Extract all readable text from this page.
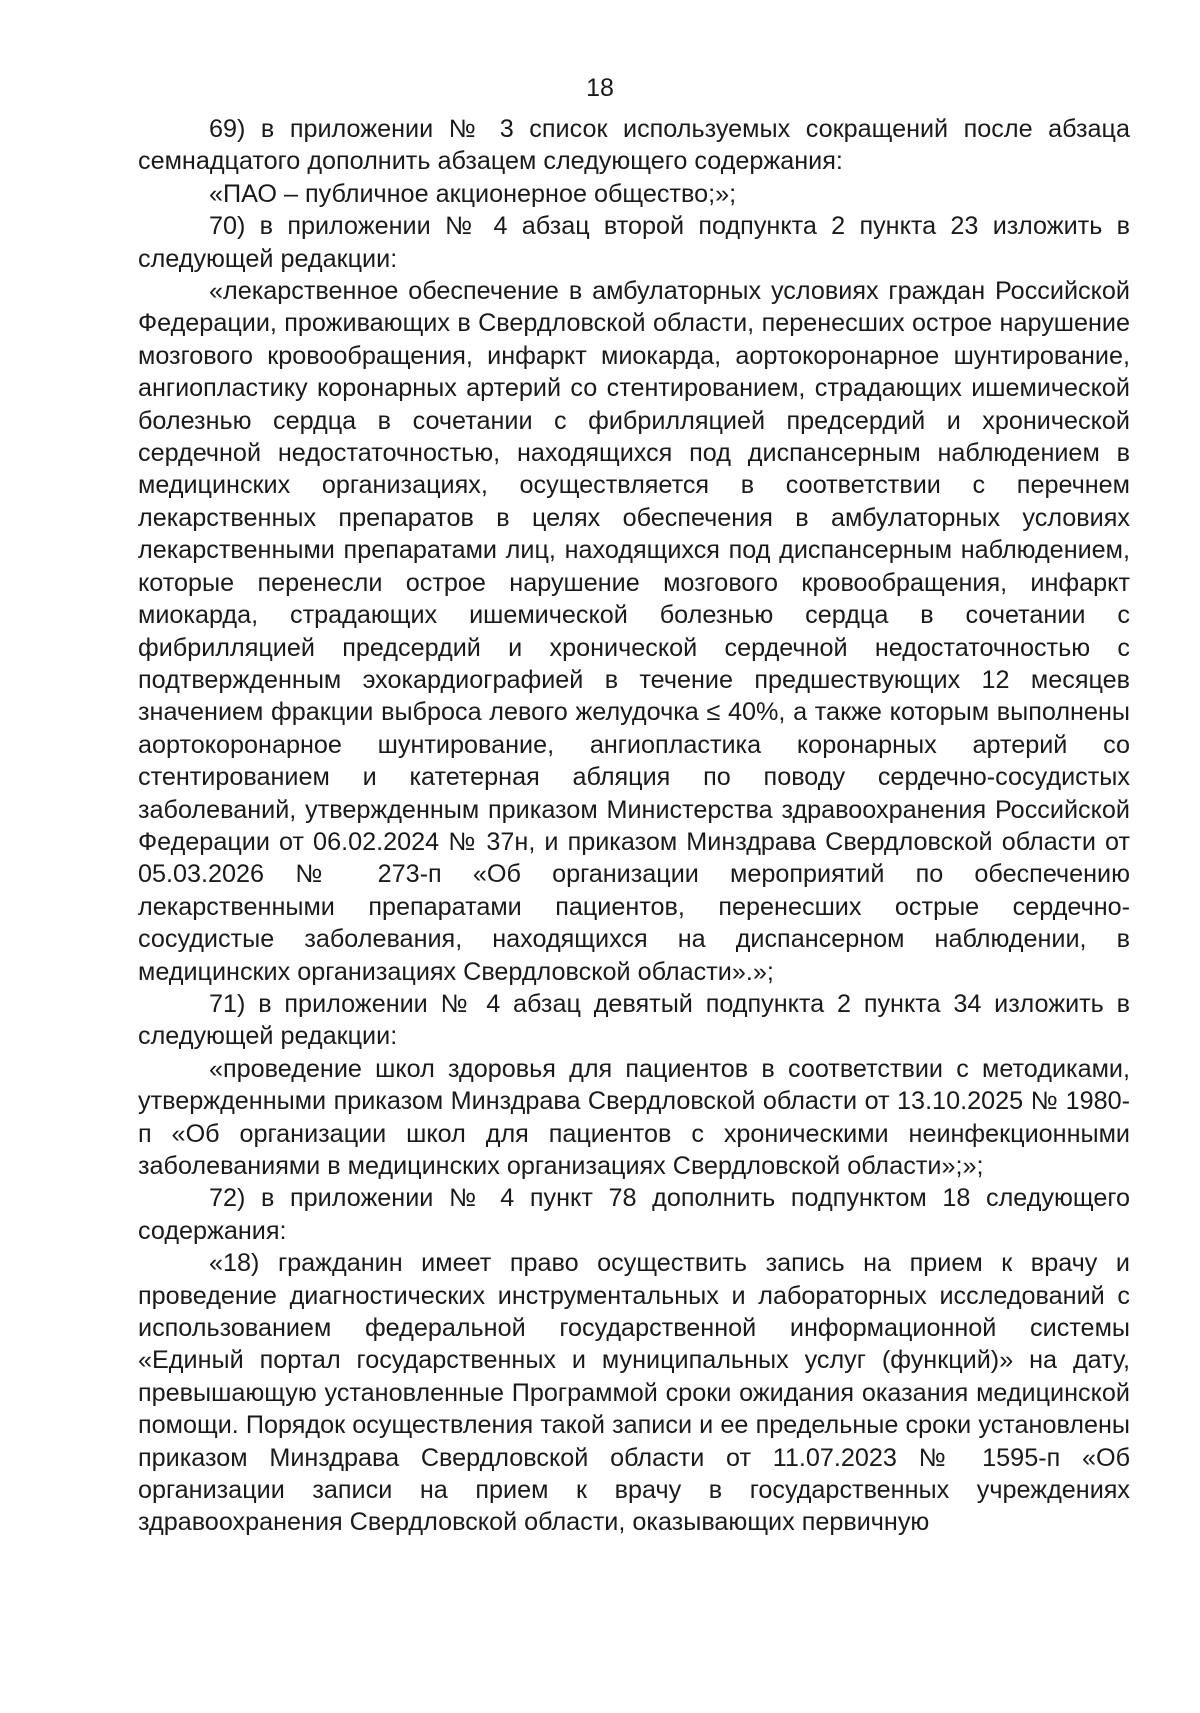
18

69) в приложении № 3 список используемых сокращений после абзаца семнадцатого дополнить абзацем следующего содержания:

«ПАО – публичное акционерное общество;»;

70) в приложении № 4 абзац второй подпункта 2 пункта 23 изложить в следующей редакции:

«лекарственное обеспечение в амбулаторных условиях граждан Российской Федерации, проживающих в Свердловской области, перенесших острое нарушение мозгового кровообращения, инфаркт миокарда, аортокоронарное шунтирование, ангиопластику коронарных артерий со стентированием, страдающих ишемической болезнью сердца в сочетании с фибрилляцией предсердий и хронической сердечной недостаточностью, находящихся под диспансерным наблюдением в медицинских организациях, осуществляется в соответствии с перечнем лекарственных препаратов в целях обеспечения в амбулаторных условиях лекарственными препаратами лиц, находящихся под диспансерным наблюдением, которые перенесли острое нарушение мозгового кровообращения, инфаркт миокарда, страдающих ишемической болезнью сердца в сочетании с фибрилляцией предсердий и хронической сердечной недостаточностью с подтвержденным эхокардиографией в течение предшествующих 12 месяцев значением фракции выброса левого желудочка ≤ 40%, а также которым выполнены аортокоронарное шунтирование, ангиопластика коронарных артерий со стентированием и катетерная абляция по поводу сердечно-сосудистых заболеваний, утвержденным приказом Министерства здравоохранения Российской Федерации от 06.02.2024 № 37н, и приказом Минздрава Свердловской области от 05.03.2026 № 273-п «Об организации мероприятий по обеспечению лекарственными препаратами пациентов, перенесших острые сердечно-сосудистые заболевания, находящихся на диспансерном наблюдении, в медицинских организациях Свердловской области».»;

71) в приложении № 4 абзац девятый подпункта 2 пункта 34 изложить в следующей редакции:

«проведение школ здоровья для пациентов в соответствии с методиками, утвержденными приказом Минздрава Свердловской области от 13.10.2025 № 1980-п «Об организации школ для пациентов с хроническими неинфекционными заболеваниями в медицинских организациях Свердловской области»;»;

72) в приложении № 4 пункт 78 дополнить подпунктом 18 следующего содержания:

«18) гражданин имеет право осуществить запись на прием к врачу и проведение диагностических инструментальных и лабораторных исследований с использованием федеральной государственной информационной системы «Единый портал государственных и муниципальных услуг (функций)» на дату, превышающую установленные Программой сроки ожидания оказания медицинской помощи. Порядок осуществления такой записи и ее предельные сроки установлены приказом Минздрава Свердловской области от 11.07.2023 № 1595-п «Об организации записи на прием к врачу в государственных учреждениях здравоохранения Свердловской области, оказывающих первичную
